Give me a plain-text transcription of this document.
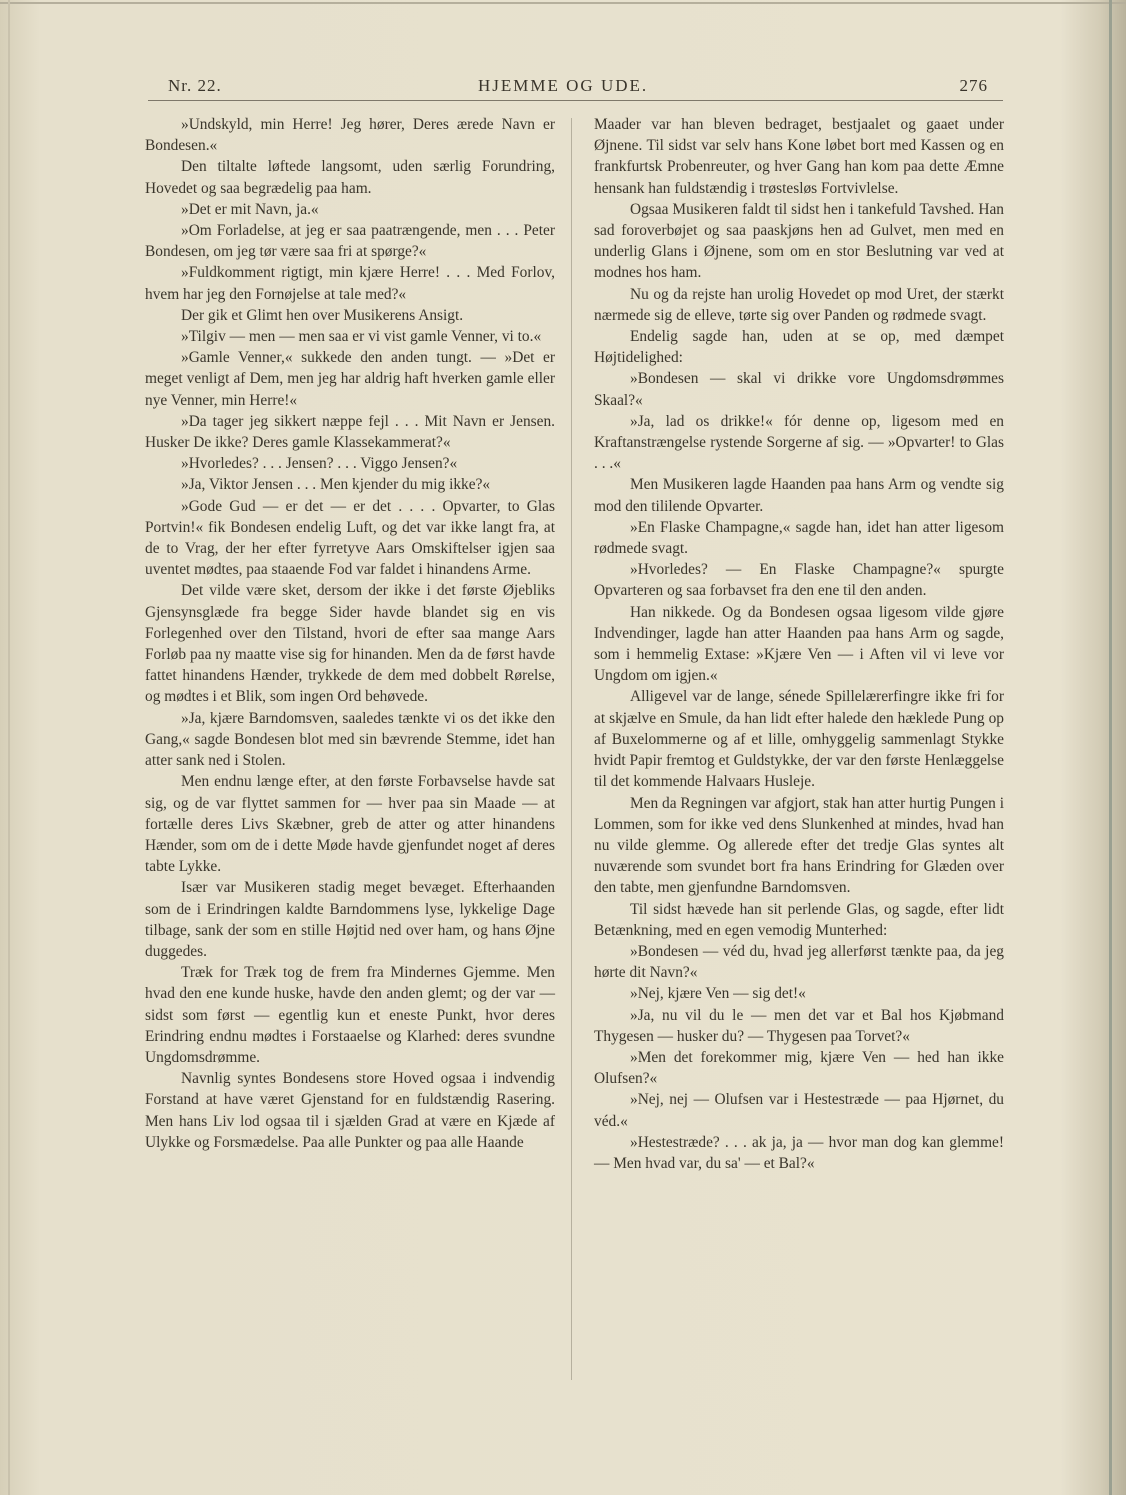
Nr. 22.	HJEMME OG UDE.	276

»Undskyld, min Herre! Jeg hører, Deres ærede Navn er Bondesen.«

Den tiltalte løftede langsomt, uden særlig Forundring, Hovedet og saa begrædelig paa ham.

»Det er mit Navn, ja.«

»Om Forladelse, at jeg er saa paatrængende, men . . . Peter Bondesen, om jeg tør være saa fri at spørge?«

»Fuldkomment rigtigt, min kjære Herre! . . . Med Forlov, hvem har jeg den Fornøjelse at tale med?«

Der gik et Glimt hen over Musikerens Ansigt.

»Tilgiv — men — men saa er vi vist gamle Venner, vi to.«

»Gamle Venner,« sukkede den anden tungt. — »Det er meget venligt af Dem, men jeg har aldrig haft hverken gamle eller nye Venner, min Herre!«

»Da tager jeg sikkert næppe fejl . . . Mit Navn er Jensen. Husker De ikke? Deres gamle Klassekammerat?«

»Hvorledes? . . . Jensen? . . . Viggo Jensen?«

»Ja, Viktor Jensen . . . Men kjender du mig ikke?«

»Gode Gud — er det — er det . . . . Opvarter, to Glas Portvin!« fik Bondesen endelig Luft, og det var ikke langt fra, at de to Vrag, der her efter fyrretyve Aars Omskiftelser igjen saa uventet mødtes, paa staaende Fod var faldet i hinandens Arme.

Det vilde være sket, dersom der ikke i det første Øjebliks Gjensynsglæde fra begge Sider havde blandet sig en vis Forlegenhed over den Tilstand, hvori de efter saa mange Aars Forløb paa ny maatte vise sig for hinanden. Men da de først havde fattet hinandens Hænder, trykkede de dem med dobbelt Rørelse, og mødtes i et Blik, som ingen Ord behøvede.

»Ja, kjære Barndomsven, saaledes tænkte vi os det ikke den Gang,« sagde Bondesen blot med sin bævrende Stemme, idet han atter sank ned i Stolen.

Men endnu længe efter, at den første Forbavselse havde sat sig, og de var flyttet sammen for — hver paa sin Maade — at fortælle deres Livs Skæbner, greb de atter og atter hinandens Hænder, som om de i dette Møde havde gjenfundet noget af deres tabte Lykke.

Især var Musikeren stadig meget bevæget. Efterhaanden som de i Erindringen kaldte Barndommens lyse, lykkelige Dage tilbage, sank der som en stille Højtid ned over ham, og hans Øjne duggedes.

Træk for Træk tog de frem fra Mindernes Gjemme. Men hvad den ene kunde huske, havde den anden glemt; og der var — sidst som først — egentlig kun et eneste Punkt, hvor deres Erindring endnu mødtes i Forstaaelse og Klarhed: deres svundne Ungdomsdrømme.

Navnlig syntes Bondesens store Hoved ogsaa i indvendig Forstand at have været Gjenstand for en fuldstændig Rasering. Men hans Liv lod ogsaa til i sjælden Grad at være en Kjæde af Ulykke og Forsmædelse. Paa alle Punkter og paa alle Haande

Maader var han bleven bedraget, bestjaalet og gaaet under Øjnene. Til sidst var selv hans Kone løbet bort med Kassen og en frankfurtsk Probenreuter, og hver Gang han kom paa dette Æmne hensank han fuldstændig i trøstesløs Fortvivlelse.

Ogsaa Musikeren faldt til sidst hen i tankefuld Tavshed. Han sad foroverbøjet og saa paaskjøns hen ad Gulvet, men med en underlig Glans i Øjnene, som om en stor Beslutning var ved at modnes hos ham.

Nu og da rejste han urolig Hovedet op mod Uret, der stærkt nærmede sig de elleve, tørte sig over Panden og rødmede svagt.

Endelig sagde han, uden at se op, med dæmpet Højtidelighed:

»Bondesen — skal vi drikke vore Ungdomsdrømmes Skaal?«

»Ja, lad os drikke!« fór denne op, ligesom med en Kraftanstrængelse rystende Sorgerne af sig. — »Opvarter! to Glas . . .«

Men Musikeren lagde Haanden paa hans Arm og vendte sig mod den tililende Opvarter.

»En Flaske Champagne,« sagde han, idet han atter ligesom rødmede svagt.

»Hvorledes? — En Flaske Champagne?« spurgte Opvarteren og saa forbavset fra den ene til den anden.

Han nikkede. Og da Bondesen ogsaa ligesom vilde gjøre Indvendinger, lagde han atter Haanden paa hans Arm og sagde, som i hemmelig Extase: »Kjære Ven — i Aften vil vi leve vor Ungdom om igjen.«

Alligevel var de lange, sénede Spillelærerfingre ikke fri for at skjælve en Smule, da han lidt efter halede den hæklede Pung op af Buxelommerne og af et lille, omhyggelig sammenlagt Stykke hvidt Papir fremtog et Guldstykke, der var den første Henlæggelse til det kommende Halvaars Husleje.

Men da Regningen var afgjort, stak han atter hurtig Pungen i Lommen, som for ikke ved dens Slunkenhed at mindes, hvad han nu vilde glemme. Og allerede efter det tredje Glas syntes alt nuværende som svundet bort fra hans Erindring for Glæden over den tabte, men gjenfundne Barndomsven.

Til sidst hævede han sit perlende Glas, og sagde, efter lidt Betænkning, med en egen vemodig Munterhed:

»Bondesen — véd du, hvad jeg allerførst tænkte paa, da jeg hørte dit Navn?«

»Nej, kjære Ven — sig det!«

»Ja, nu vil du le — men det var et Bal hos Kjøbmand Thygesen — husker du? — Thygesen paa Torvet?«

»Men det forekommer mig, kjære Ven — hed han ikke Olufsen?«

»Nej, nej — Olufsen var i Hestestræde — paa Hjørnet, du véd.«

»Hestestræde? . . . ak ja, ja — hvor man dog kan glemme! — Men hvad var, du sa' — et Bal?«
